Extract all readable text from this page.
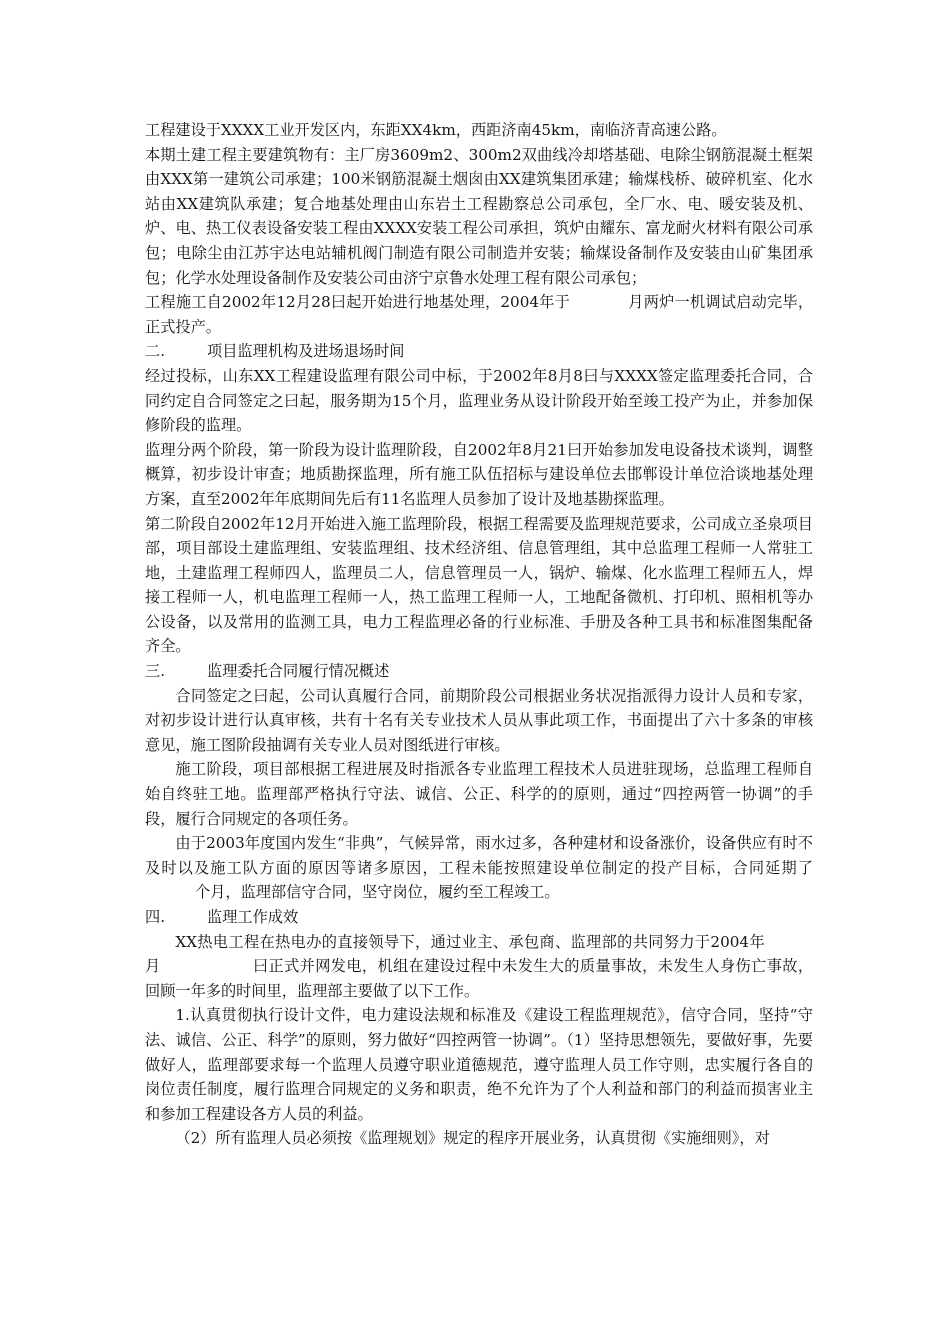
工程建设于XXXX工业开发区内，东距XX4km，西距济南45km，南临济青高速公路。

本期土建工程主要建筑物有：主厂房3609m2、300m2双曲线冷却塔基础、电除尘钢筋混凝土框架由XXX第一建筑公司承建；100米钢筋混凝土烟囱由XX建筑集团承建；输煤栈桥、破碎机室、化水站由XX建筑队承建；复合地基处理由山东岩土工程勘察总公司承包，全厂水、电、暖安装及机、炉、电、热工仪表设备安装工程由XXXX安装工程公司承担，筑炉由耀东、富龙耐火材料有限公司承包；电除尘由江苏宇达电站辅机阀门制造有限公司制造并安装；输煤设备制作及安装由山矿集团承包；化学水处理设备制作及安装公司由济宁京鲁水处理工程有限公司承包；

工程施工自2002年12月28曰起开始进行地基处理，2004年于	月两炉一机调试启动完毕，正式投产。

二.	项目监理机构及进场退场时间

经过投标，山东XX工程建设监理有限公司中标，于2002年8月8曰与XXXX签定监理委托合同，合同约定自合同签定之曰起，服务期为15个月，监理业务从设计阶段开始至竣工投产为止，并参加保修阶段的监理。

监理分两个阶段，第一阶段为设计监理阶段，自2002年8月21曰开始参加发电设备技术谈判，调整概算，初步设计审查；地质勘探监理，所有施工队伍招标与建设单位去邯郸设计单位洽谈地基处理方案，直至2002年年底期间先后有11名监理人员参加了设计及地基勘探监理。

第二阶段自2002年12月开始进入施工监理阶段，根据工程需要及监理规范要求，公司成立圣泉项目部，项目部设土建监理组、安装监理组、技术经济组、信息管理组，其中总监理工程师一人常驻工地，土建监理工程师四人，监理员二人，信息管理员一人，锅炉、输煤、化水监理工程师五人，焊接工程师一人，机电监理工程师一人，热工监理工程师一人，工地配备微机、打印机、照相机等办公设备，以及常用的监测工具，电力工程监理必备的行业标准、手册及各种工具书和标准图集配备齐全。

三.	监理委托合同履行情况概述

合同签定之曰起，公司认真履行合同，前期阶段公司根据业务状况指派得力设计人员和专家，对初步设计进行认真审核，共有十名有关专业技术人员从事此项工作，书面提出了六十多条的审核意见，施工图阶段抽调有关专业人员对图纸进行审核。

施工阶段，项目部根据工程进展及时指派各专业监理工程技术人员进驻现场，总监理工程师自始自终驻工地。监理部严格执行守法、诚信、公正、科学的的原则，通过“四控两管一协调”的手段，履行合同规定的各项任务。

由于2003年度国内发生“非典”，气候异常，雨水过多，各种建材和设备涨价，设备供应有时不及时以及施工队方面的原因等诸多原因，工程未能按照建设单位制定的投产目标，合同延期了个月，监理部信守合同，坚守岗位，履约至工程竣工。

四.	监理工作成效

XX热电工程在热电办的直接领导下，通过业主、承包商、监理部的共同努力于2004年月	曰正式并网发电，机组在建设过程中未发生大的质量事故，未发生人身伤亡事故，回顾一年多的时间里，监理部主要做了以下工作。

1.认真贯彻执行设计文件，电力建设法规和标准及《建设工程监理规范》，信守合同，坚持“守法、诚信、公正、科学”的原则，努力做好“四控两管一协调”。（1）坚持思想领先，要做好事，先要做好人，监理部要求每一个监理人员遵守职业道德规范，遵守监理人员工作守则，忠实履行各自的岗位责任制度，履行监理合同规定的义务和职责，绝不允许为了个人利益和部门的利益而损害业主和参加工程建设各方人员的利益。

（2）所有监理人员必须按《监理规划》规定的程序开展业务，认真贯彻《实施细则》，对
